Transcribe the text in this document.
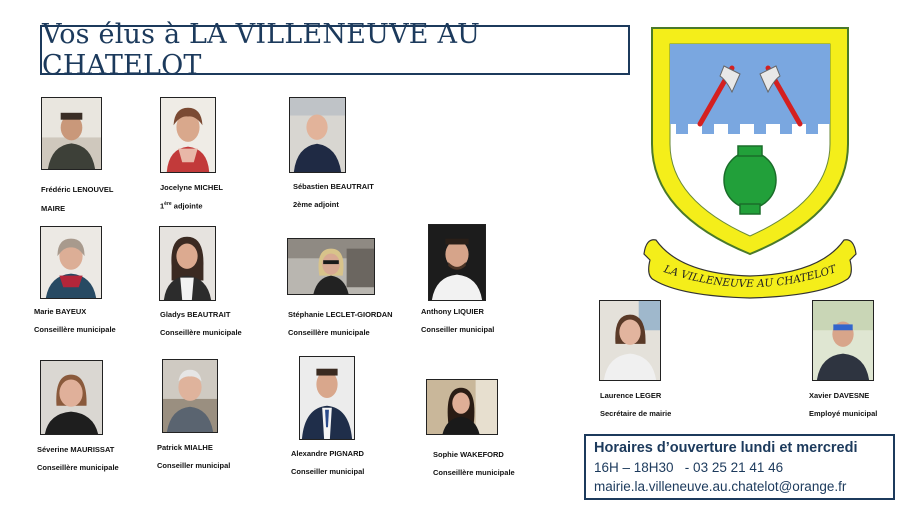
Vos élus à LA VILLENEUVE AU CHATELOT
Frédéric LENOUVEL
MAIRE
Jocelyne MICHEL
1ère adjointe
Sébastien BEAUTRAIT
2ème adjoint
Marie BAYEUX
Conseillère municipale
Gladys BEAUTRAIT
Conseillère municipale
Stéphanie LECLET-GIORDAN
Conseillère municipale
Anthony LIQUIER
Conseiller municipal
Séverine MAURISSAT
Conseillère municipale
Patrick MIALHE
Conseiller municipal
Alexandre PIGNARD
Conseiller municipal
Sophie WAKEFORD
Conseillère municipale
Laurence LEGER
Secrétaire de mairie
Xavier DAVESNE
Employé municipal
LA VILLENEUVE AU CHATELOT
Horaires d’ouverture lundi et mercredi
16H – 18H30   - 03 25 21 41 46
mairie.la.villeneuve.au.chatelot@orange.fr
